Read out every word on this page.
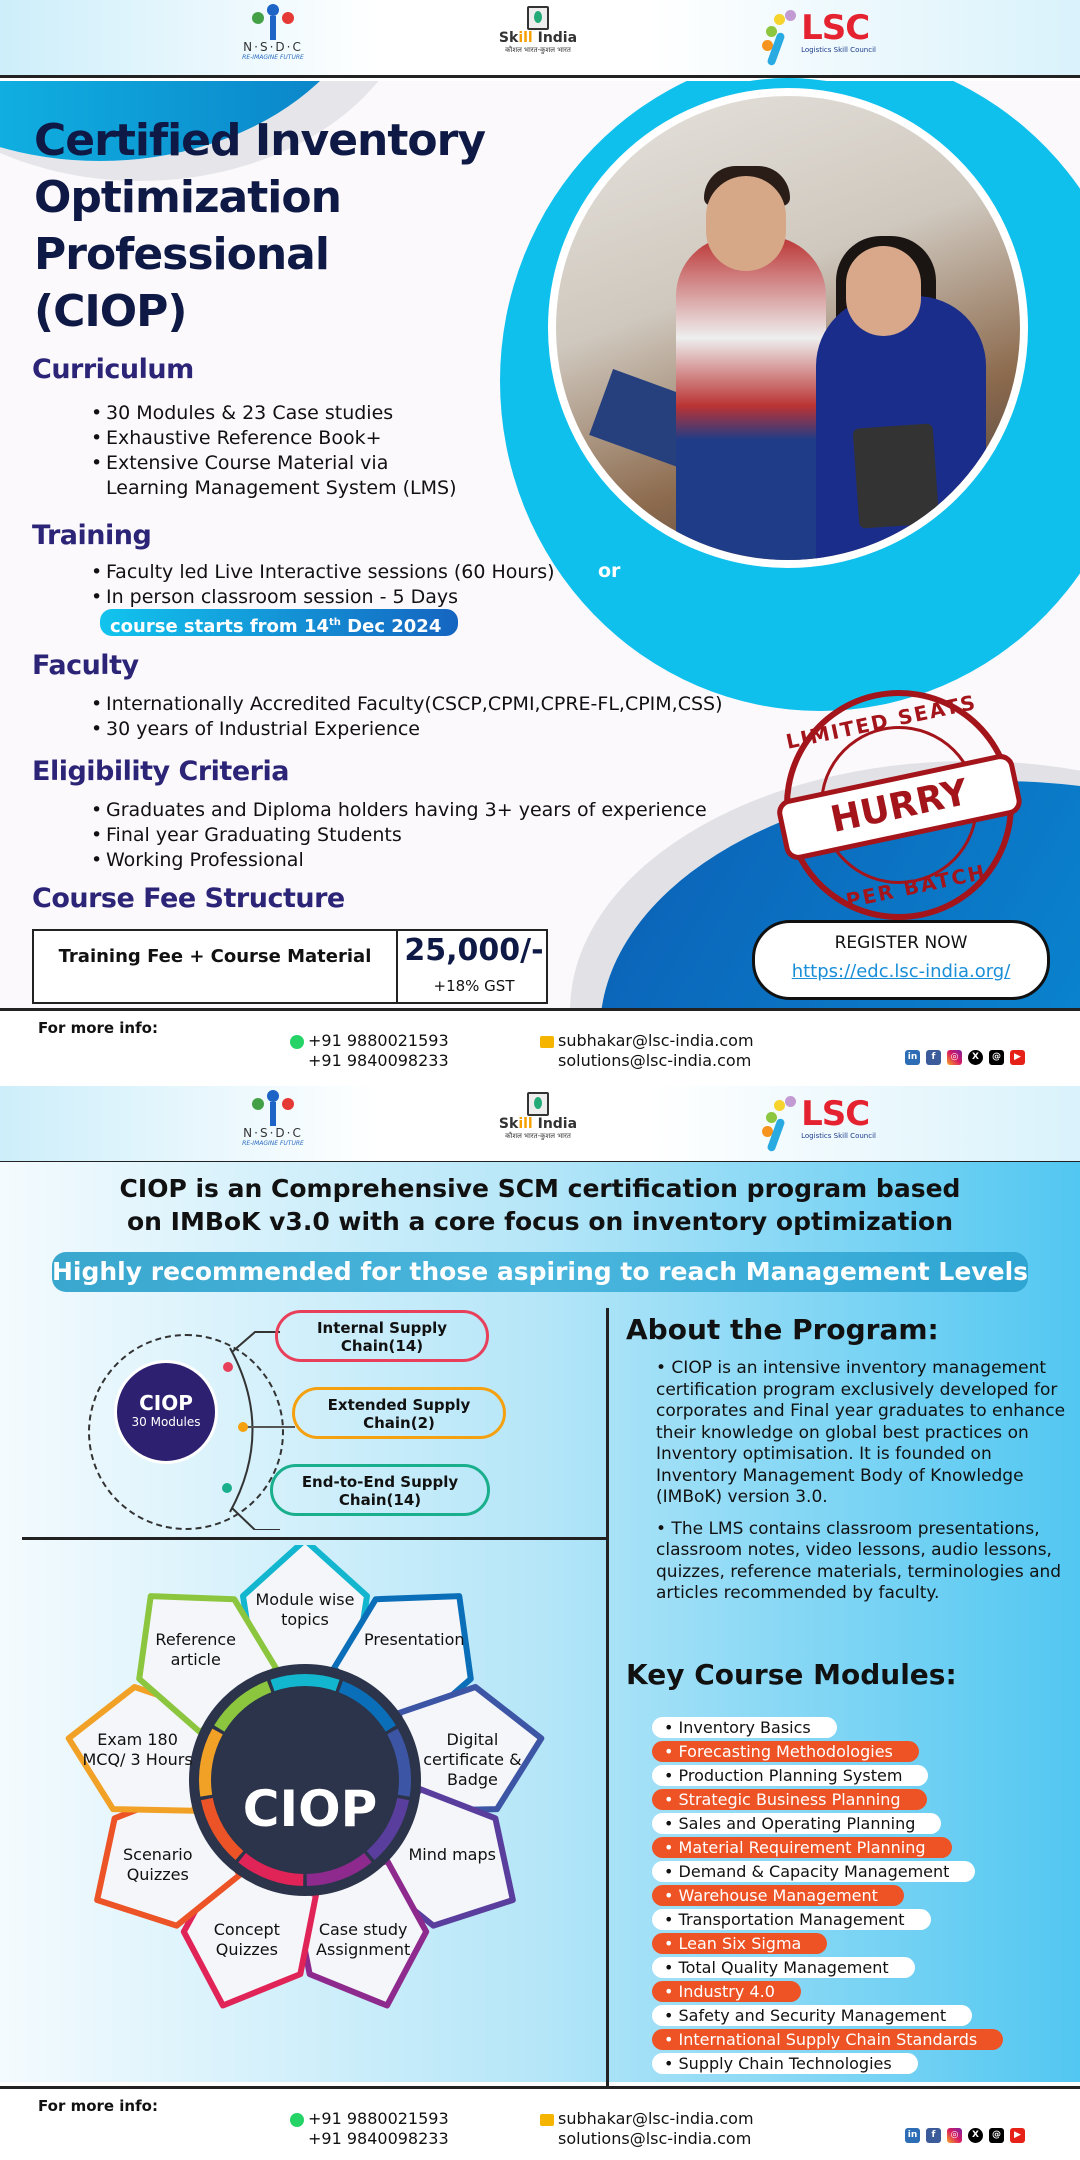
N·S·D·C
RE-IMAGINE FUTURE
Skill India
कौशल भारत-कुशल भारत

LSC
Logistics Skill Council
Certified Inventory
Optimization
Professional
(CIOP)
Curriculum
• 30 Modules & 23 Case studies
• Exhaustive Reference Book+
• Extensive Course Material via
Learning Management System (LMS)
Training
• Faculty led Live Interactive sessions (60 Hours)
• In person classroom session - 5 Days
or
course starts from 14th Dec 2024
Faculty
• Internationally Accredited Faculty(CSCP,CPMI,CPRE-FL,CPIM,CSS)
• 30 years of Industrial Experience
Eligibility Criteria
• Graduates and Diploma holders having 3+ years of experience
• Final year Graduating Students
• Working Professional
Course Fee Structure
Training Fee + Course Material	25,000/-
+18% GST
LIMITED SEATS
HURRY
PER BATCH
REGISTER NOW
https://edc.lsc-india.org/
For more info:
+91 9880021593
+91 9840098233
subhakar@lsc-india.com
solutions@lsc-india.com	in f ◎ X @ ▶
N·S·D·C
RE-IMAGINE FUTURE
Skill India
कौशल भारत-कुशल भारत

LSC
Logistics Skill Council
CIOP is an Comprehensive SCM certification program based
on IMBoK v3.0 with a core focus on inventory optimization
Highly recommended for those aspiring to reach Management Levels
CIOP
30 Modules
Internal Supply
Chain(14)
Extended Supply
Chain(2)
End-to-End Supply
Chain(14)
Module wise topics
Presentation
Digital certificate & Badge
Mind maps
Case study Assignment
Concept Quizzes
Scenario Quizzes
Exam 180 MCQ/ 3 Hours
Reference article
CIOP
About the Program:

• CIOP is an intensive inventory management certification program exclusively developed for corporates and Final year graduates to enhance their knowledge on global best practices on Inventory optimisation. It is founded on Inventory Management Body of Knowledge (IMBoK) version 3.0.

• The LMS contains classroom presentations, classroom notes, video lessons, audio lessons, quizzes, reference materials, terminologies and articles recommended by faculty.

Key Course Modules:
• Inventory Basics
• Forecasting Methodologies
• Production Planning System
• Strategic Business Planning
• Sales and Operating Planning
• Material Requirement Planning
• Demand & Capacity Management
• Warehouse Management
• Transportation Management
• Lean Six Sigma
• Total Quality Management
• Industry 4.0
• Safety and Security Management
• International Supply Chain Standards
• Supply Chain Technologies
For more info:
+91 9880021593
+91 9840098233
subhakar@lsc-india.com
solutions@lsc-india.com	in f ◎ X @ ▶
